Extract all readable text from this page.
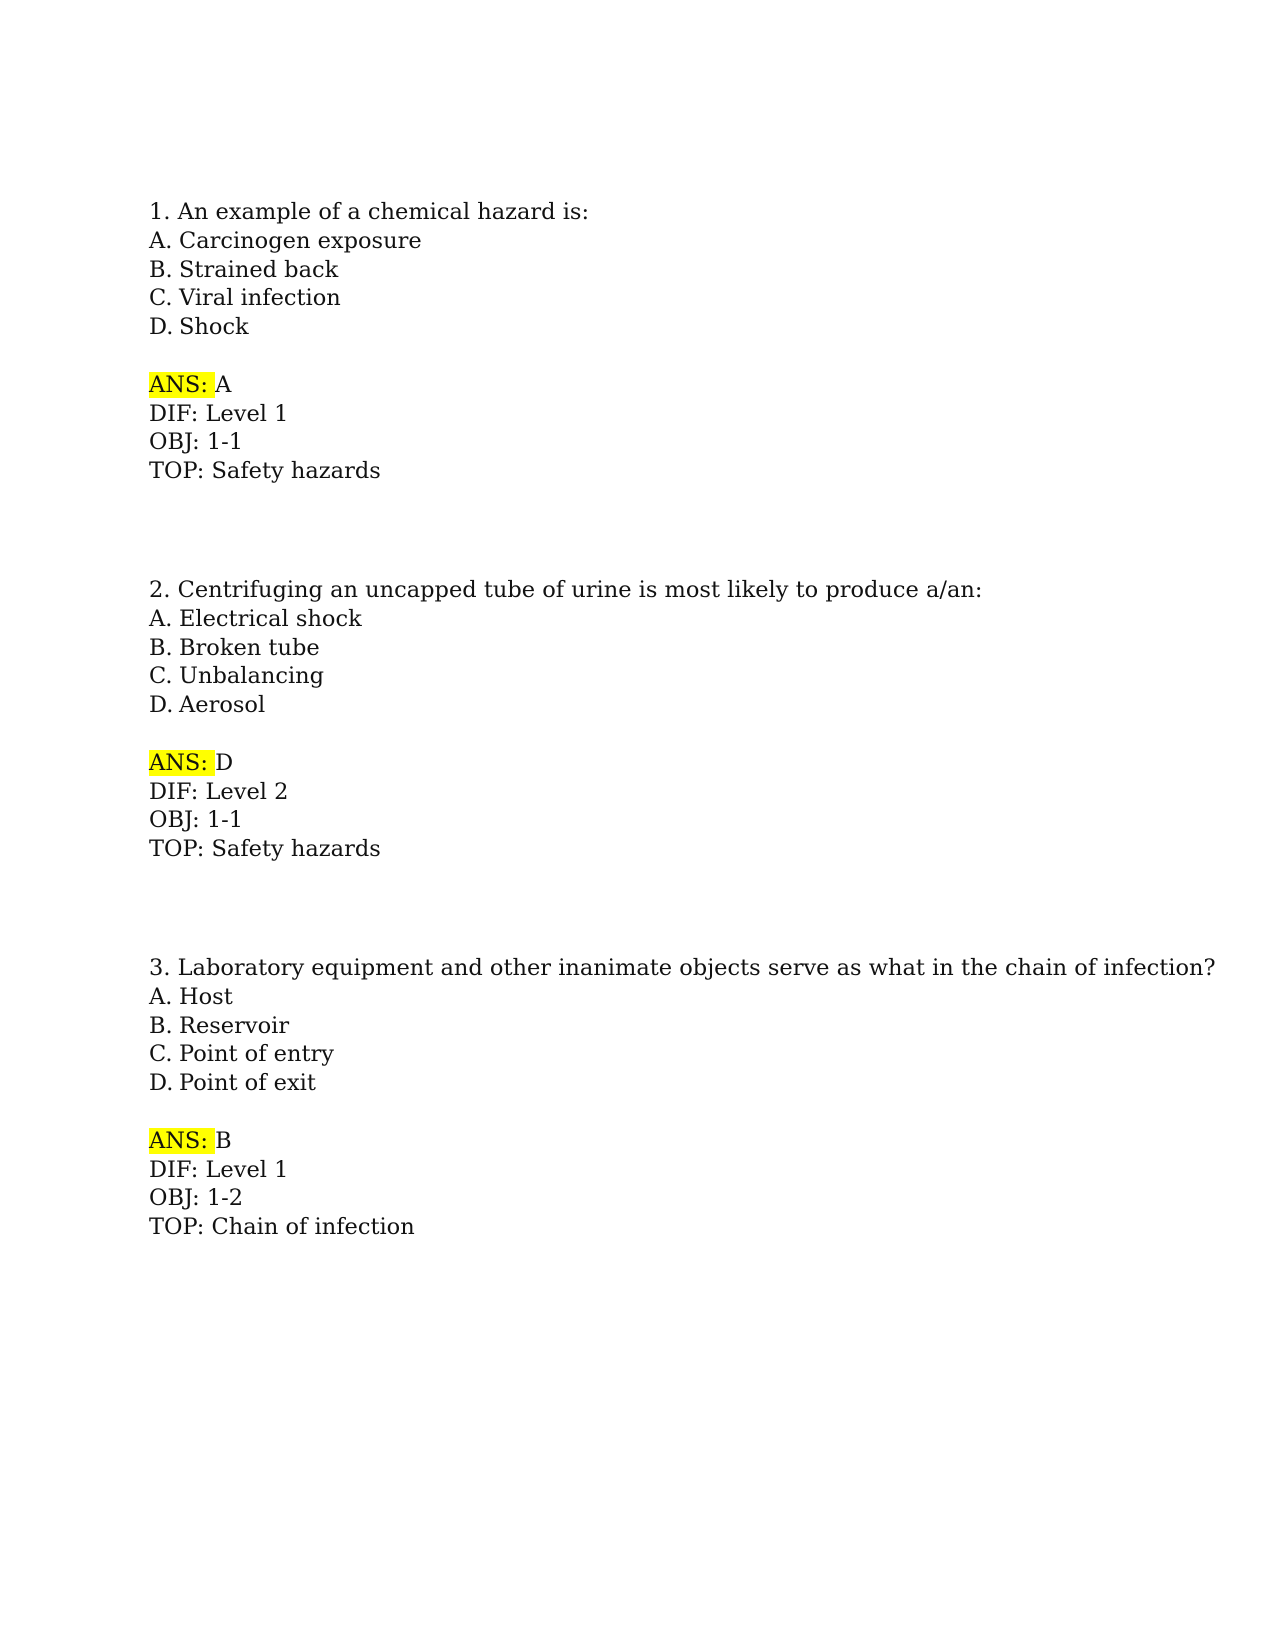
1. An example of a chemical hazard is:
A. Carcinogen exposure
B. Strained back
C. Viral infection
D. Shock
ANS: A
DIF: Level 1
OBJ: 1-1
TOP: Safety hazards
2. Centrifuging an uncapped tube of urine is most likely to produce a/an:
A. Electrical shock
B. Broken tube
C. Unbalancing
D. Aerosol
ANS: D
DIF: Level 2
OBJ: 1-1
TOP: Safety hazards
3. Laboratory equipment and other inanimate objects serve as what in the chain of infection?
A. Host
B. Reservoir
C. Point of entry
D. Point of exit
ANS: B
DIF: Level 1
OBJ: 1-2
TOP: Chain of infection
